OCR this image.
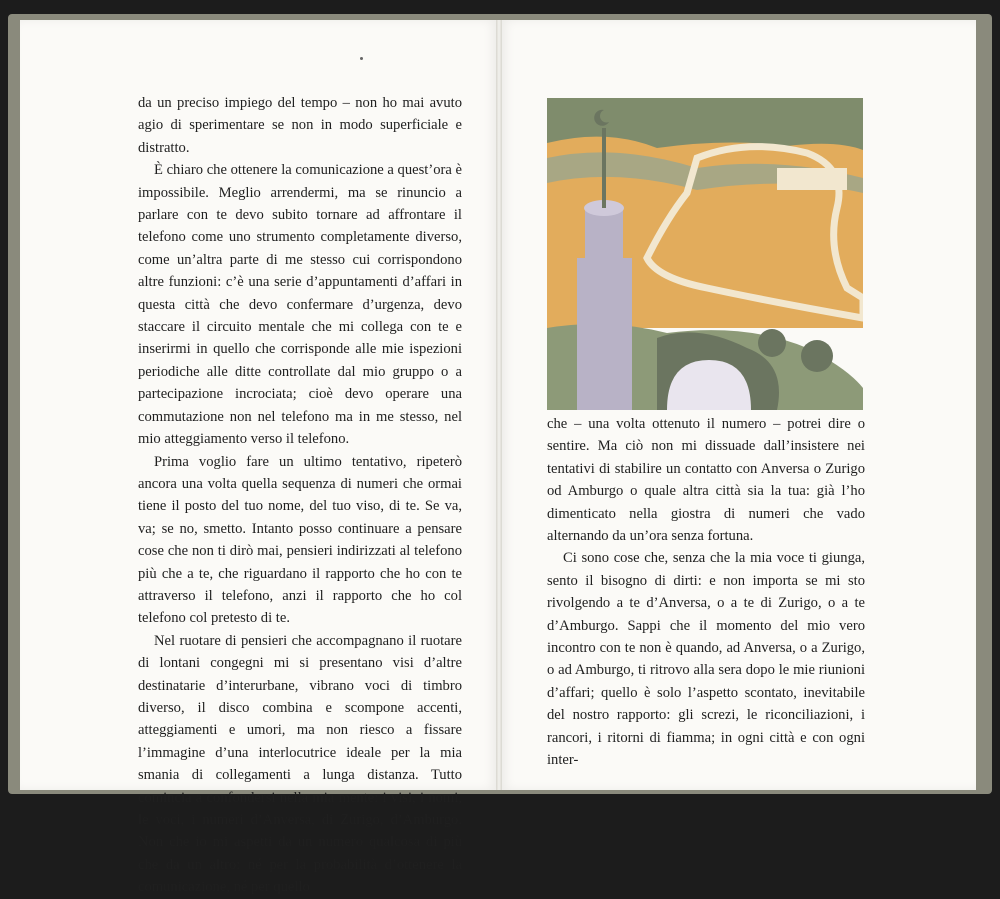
da un preciso impiego del tempo – non ho mai avuto agio di sperimentare se non in modo superficiale e distratto.

È chiaro che ottenere la comunicazione a quest’ora è impossibile. Meglio arrendermi, ma se rinuncio a parlare con te devo subito tornare ad affrontare il telefono come uno strumento completamente diverso, come un’altra parte di me stesso cui corrispondono altre funzioni: c’è una serie d’appuntamenti d’affari in questa città che devo confermare d’urgenza, devo staccare il circuito mentale che mi collega con te e inserirmi in quello che corrisponde alle mie ispezioni periodiche alle ditte controllate dal mio gruppo o a partecipazione incrociata; cioè devo operare una commutazione non nel telefono ma in me stesso, nel mio atteggiamento verso il telefono.

Prima voglio fare un ultimo tentativo, ripeterò ancora una volta quella sequenza di numeri che ormai tiene il posto del tuo nome, del tuo viso, di te. Se va, va; se no, smetto. Intanto posso continuare a pensare cose che non ti dirò mai, pensieri indirizzati al telefono più che a te, che riguardano il rapporto che ho con te attraverso il telefono, anzi il rapporto che ho col telefono col pretesto di te.

Nel ruotare di pensieri che accompagnano il ruotare di lontani congegni mi si presentano visi d’altre destinatarie d’interurbane, vibrano voci di timbro diverso, il disco combina e scompone accenti, atteggiamenti e umori, ma non riesco a fissare l’immagine d’una interlocutrice ideale per la mia smania di collegamenti a lunga distanza. Tutto comincia a confondersi nella mia mente: i visi, i nomi, le voci, i numeri d’Anversa, di Zurigo, d’Amburgo. Non che io mi aspetti da un numero qualcosa di più che da un altro: né per la probabilità d’ottenere la comunicazione, né per quello

che – una volta ottenuto il numero – potrei dire o sentire. Ma ciò non mi dissuade dall’insistere nei tentativi di stabilire un contatto con Anversa o Zurigo od Amburgo o quale altra città sia la tua: già l’ho dimenticato nella giostra di numeri che vado alternando da un’ora senza fortuna.

Ci sono cose che, senza che la mia voce ti giunga, sento il bisogno di dirti: e non importa se mi sto rivolgendo a te d’Anversa, o a te di Zurigo, o a te d’Amburgo. Sappi che il momento del mio vero incontro con te non è quando, ad Anversa, o a Zurigo, o ad Amburgo, ti ritrovo alla sera dopo le mie riunioni d’affari; quello è solo l’aspetto scontato, inevitabile del nostro rapporto: gli screzi, le riconciliazioni, i rancori, i ritorni di fiamma; in ogni città e con ogni inter-
